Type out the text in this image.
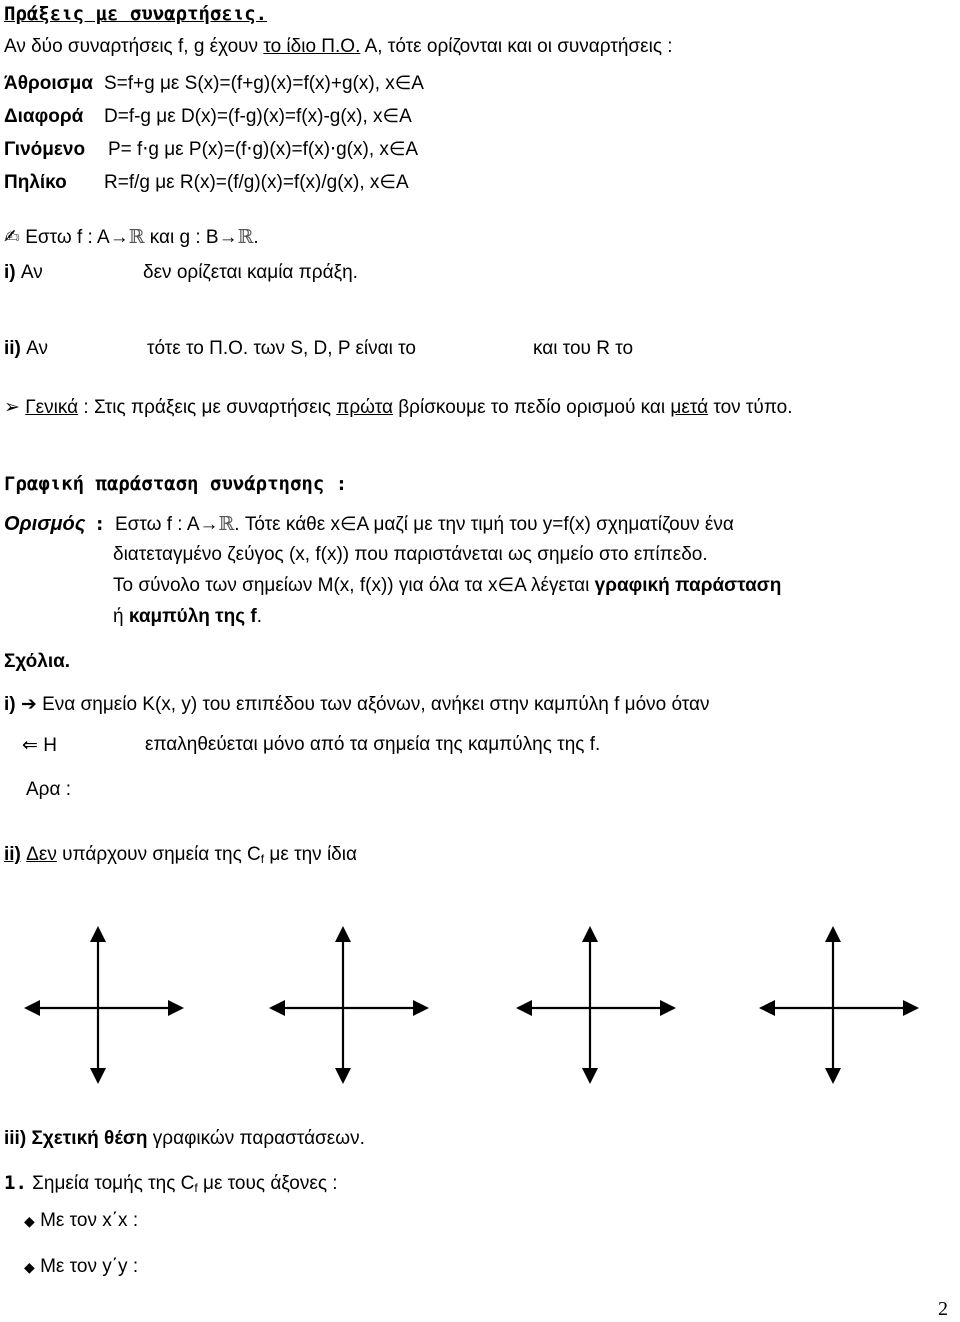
Πράξεις με συναρτήσεις.
Αν δύο συναρτήσεις f, g έχουν το ίδιο Π.Ο. Α, τότε ορίζονται και οι συναρτήσεις :
Άθροισμα S=f+g με S(x)=(f+g)(x)=f(x)+g(x), x∈A
Διαφορά D=f-g με D(x)=(f-g)(x)=f(x)-g(x), x∈A
Γινόμενο P= f⋅g με P(x)=(f⋅g)(x)=f(x)⋅g(x), x∈A
Πηλίκο R=f/g με R(x)=(f/g)(x)=f(x)/g(x), x∈A
✍ Εστω f : A→ℝ και g : B→ℝ.
i) Αν	δεν ορίζεται καμία πράξη.
ii) Αν	τότε το Π.Ο. των S, D, P είναι το	και του R το
➢ Γενικά : Στις πράξεις με συναρτήσεις πρώτα βρίσκουμε το πεδίο ορισμού και μετά τον τύπο.
Γραφική παράσταση συνάρτησης :
Ορισμός : Εστω f : A→ℝ. Τότε κάθε x∈A μαζί με την τιμή του y=f(x) σχηματίζουν ένα
διατεταγμένο ζεύγος (x, f(x)) που παριστάνεται ως σημείο στο επίπεδο.
Το σύνολο των σημείων Μ(x, f(x)) για όλα τα x∈A λέγεται γραφική παράσταση
ή καμπύλη της f.
Σχόλια.
i) ➔ Ενα σημείο Κ(x, y) του επιπέδου των αξόνων, ανήκει στην καμπύλη f μόνο όταν
⇐ Η	επαληθεύεται μόνο από τα σημεία της καμπύλης της f.
Αρα :
ii) Δεν υπάρχουν σημεία της $C_f$ με την ίδια
iii) Σχετική θέση γραφικών παραστάσεων.
1. Σημεία τομής της $C_f$ με τους άξονες :
◆ Με τον x΄x :
◆ Με τον y΄y :
2
